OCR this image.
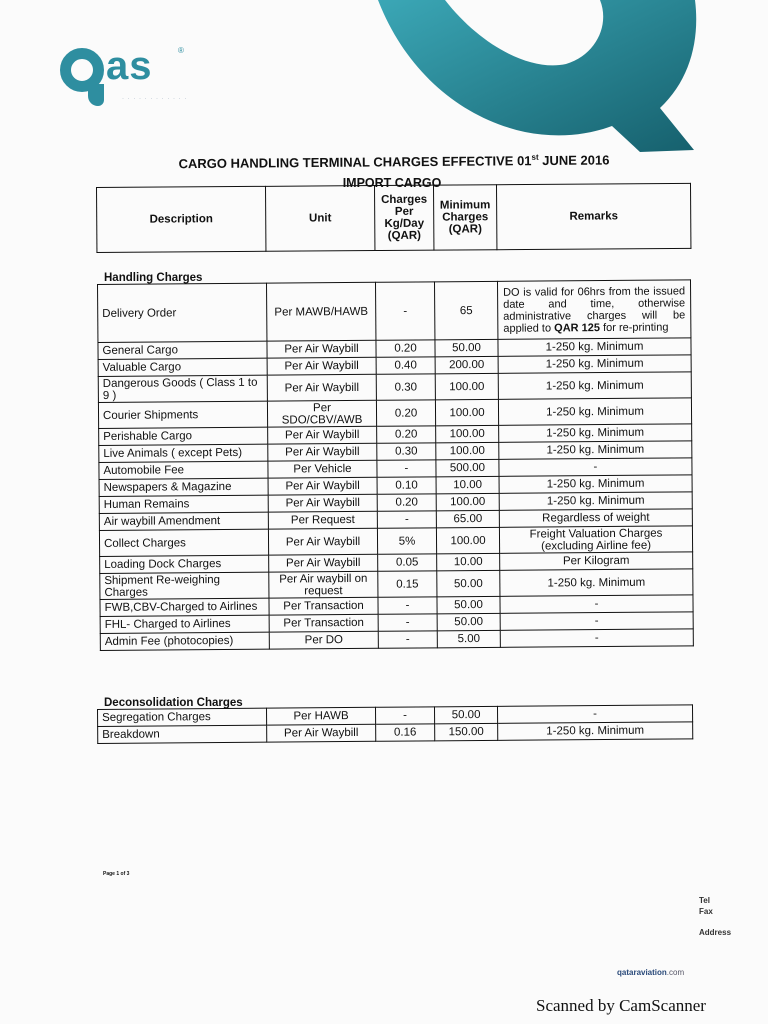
as	®
· · · · · · · · · · · ·
CARGO HANDLING TERMINAL CHARGES EFFECTIVE 01st JUNE 2016
IMPORT CARGO
Description	Unit	Charges Per Kg/Day (QAR)	Minimum Charges (QAR)	Remarks
Handling Charges
Delivery Order	Per MAWB/HAWB	-	65	DO is valid for 06hrs from the issued date and time, otherwise administrative charges will be applied to QAR 125 for re-printing
General Cargo	Per Air Waybill	0.20	50.00	1-250 kg. Minimum
Valuable Cargo	Per Air Waybill	0.40	200.00	1-250 kg. Minimum
Dangerous Goods ( Class 1 to 9 )	Per Air Waybill	0.30	100.00	1-250 kg. Minimum
Courier Shipments	Per SDO/CBV/AWB	0.20	100.00	1-250 kg. Minimum
Perishable Cargo	Per Air Waybill	0.20	100.00	1-250 kg. Minimum
Live Animals ( except Pets)	Per Air Waybill	0.30	100.00	1-250 kg. Minimum
Automobile Fee	Per Vehicle	-	500.00	-
Newspapers & Magazine	Per Air Waybill	0.10	10.00	1-250 kg. Minimum
Human Remains	Per Air Waybill	0.20	100.00	1-250 kg. Minimum
Air waybill Amendment	Per Request	-	65.00	Regardless of weight
Collect Charges	Per Air Waybill	5%	100.00	Freight Valuation Charges (excluding Airline fee)
Loading Dock Charges	Per Air Waybill	0.05	10.00	Per Kilogram
Shipment Re-weighing Charges	Per Air waybill on request	0.15	50.00	1-250 kg. Minimum
FWB,CBV-Charged to Airlines	Per Transaction	-	50.00	-
FHL- Charged to Airlines	Per Transaction	-	50.00	-
Admin Fee (photocopies)	Per DO	-	5.00	-
Deconsolidation Charges
Segregation Charges	Per HAWB	-	50.00	-
Breakdown	Per Air Waybill	0.16	150.00	1-250 kg. Minimum
Page 1 of 3
Tel
Fax
Address
qataraviation.com
Scanned by CamScanner
